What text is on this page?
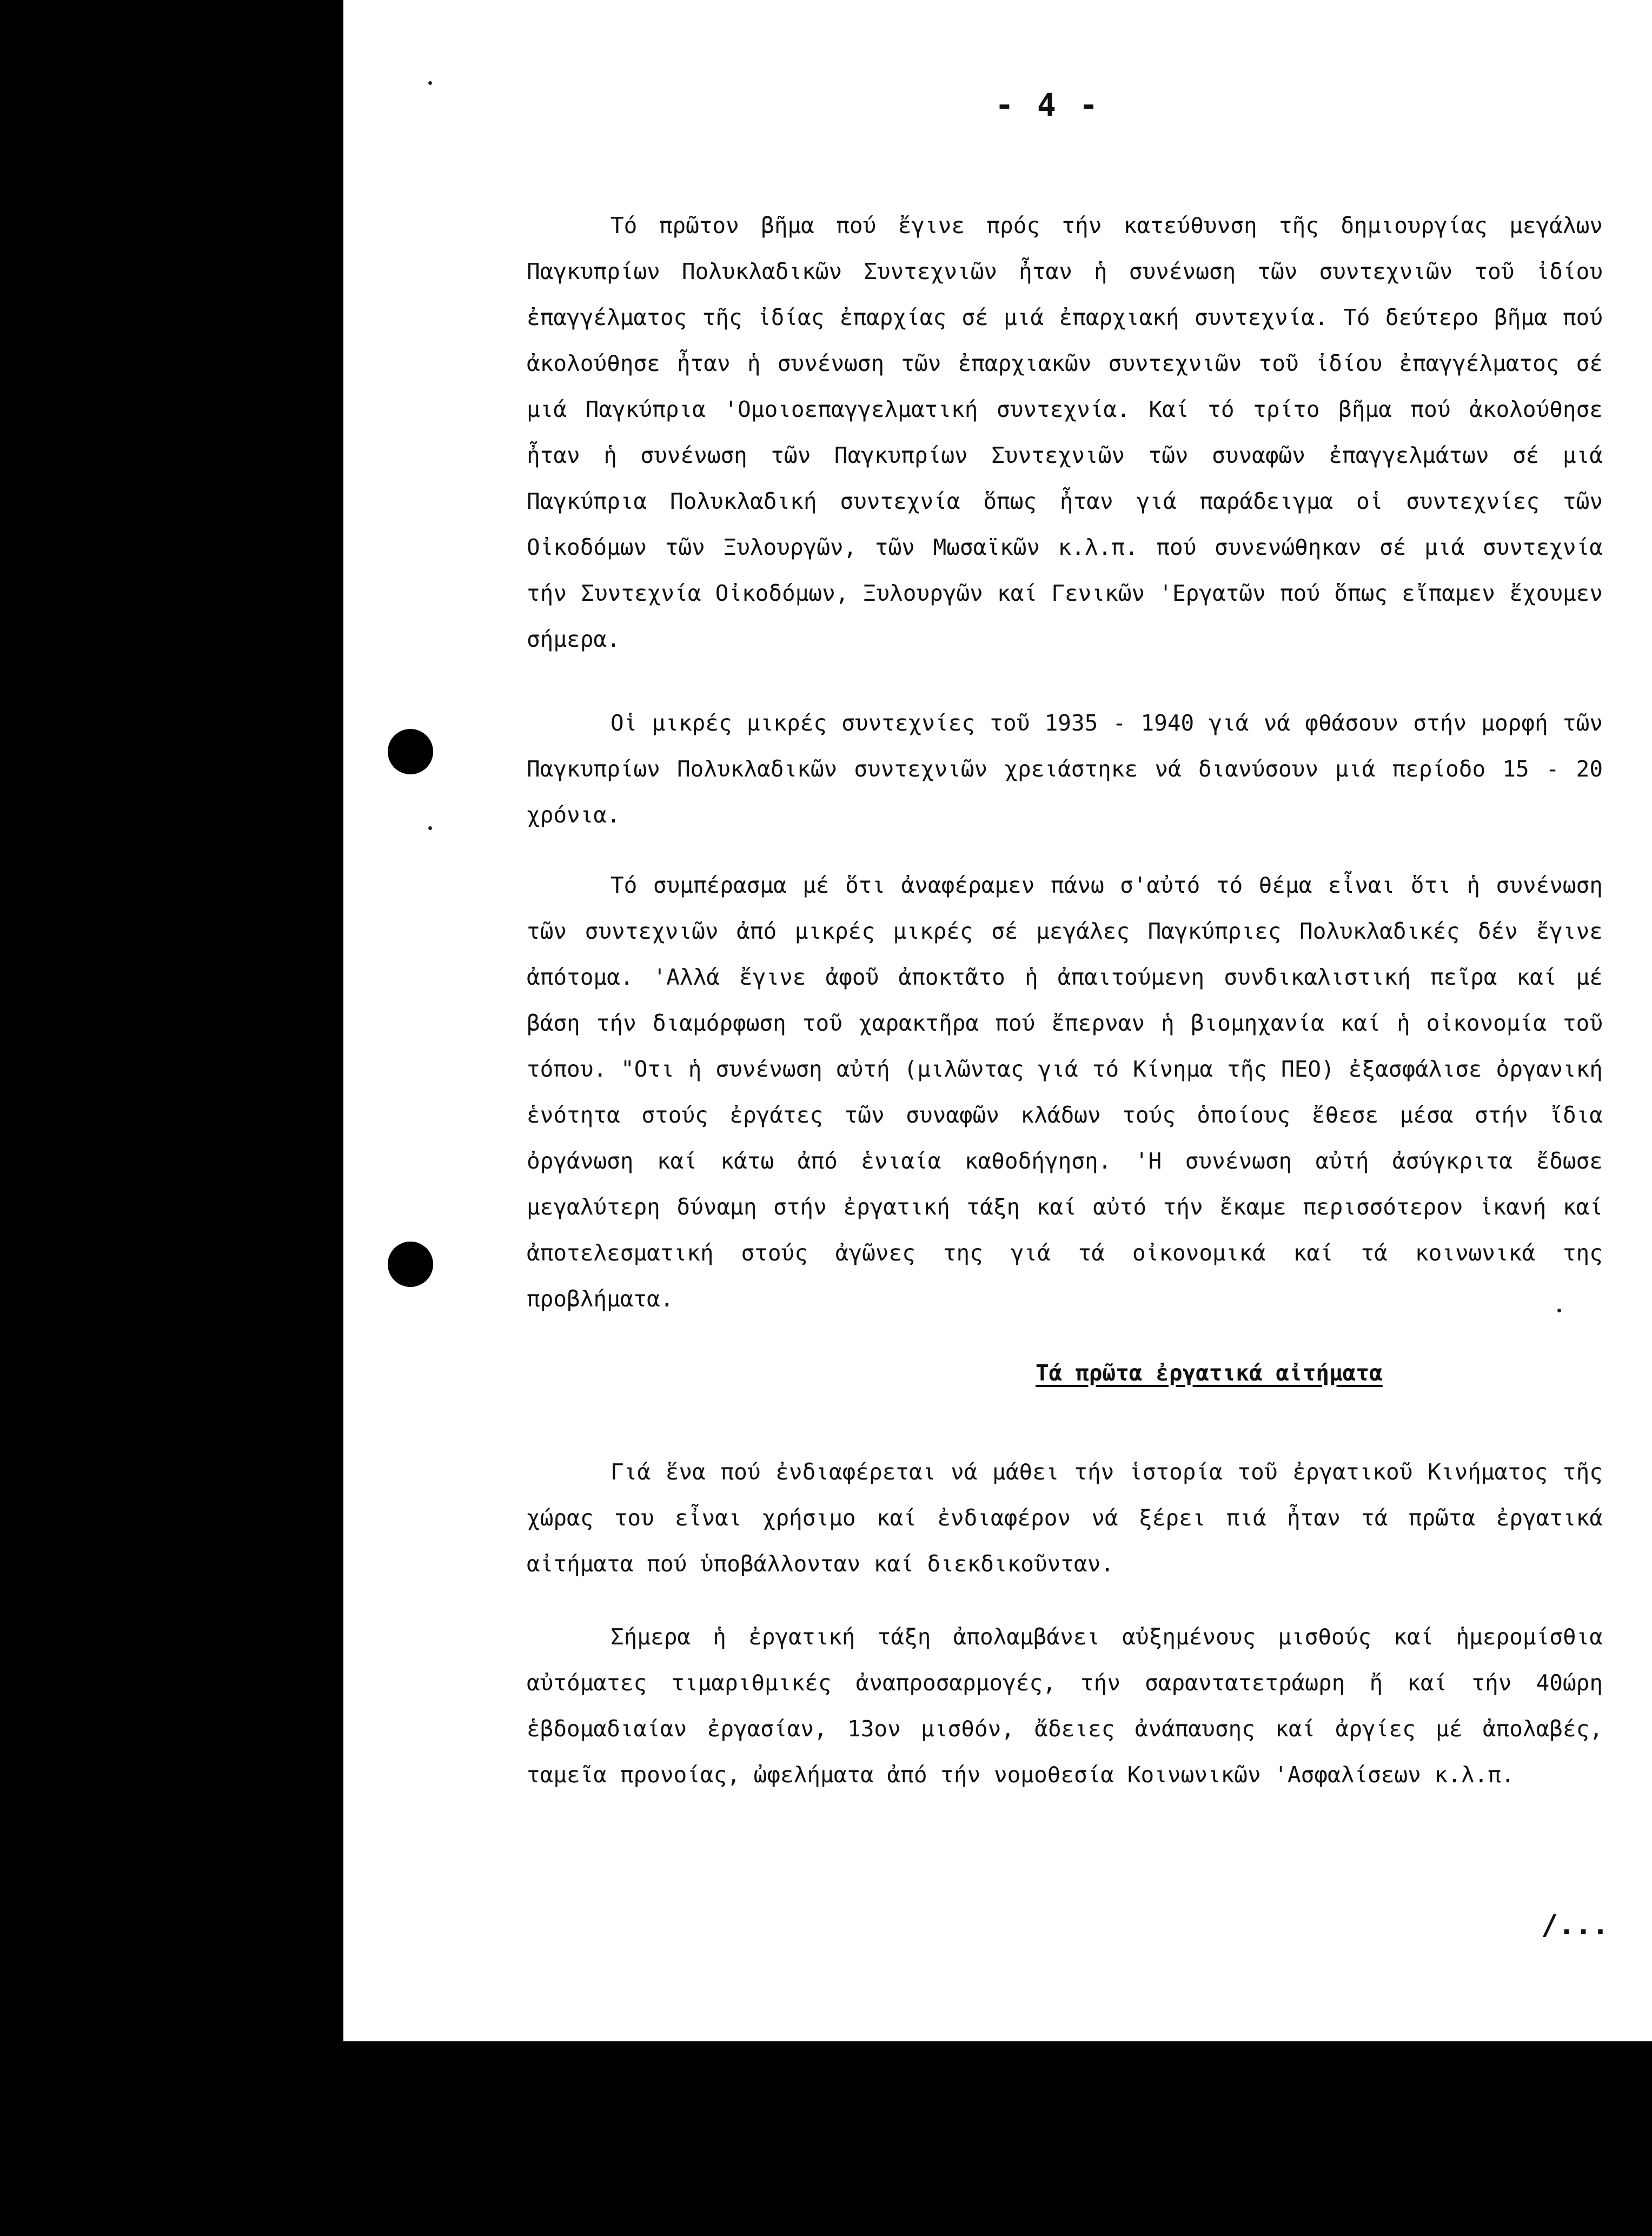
- 4 -

Τό πρῶτον βῆμα πού ἔγινε πρός τήν κατεύθυνση τῆς δημιουργίας μεγάλων Παγκυπρίων Πολυκλαδικῶν Συντεχνιῶν ἦταν ἡ συνένωση τῶν συντεχνιῶν τοῦ ἰδίου ἐπαγγέλματος τῆς ἰδίας ἐπαρχίας σέ μιά ἐπαρχιακή συντεχνία. Τό δεύτερο βῆμα πού ἀκολούθησε ἦταν ἡ συνένωση τῶν ἐπαρχιακῶν συντεχνιῶν τοῦ ἰδίου ἐπαγγέλματος σέ μιά Παγκύπρια 'Ομοιοεπαγγελματική συντεχνία. Καί τό τρίτο βῆμα πού ἀκολούθησε ἦταν ἡ συνένωση τῶν Παγκυπρίων Συντεχνιῶν τῶν συναφῶν ἐπαγγελμάτων σέ μιά Παγκύπρια Πολυκλαδική συντεχνία ὅπως ἦταν γιά παράδειγμα οἱ συντεχνίες τῶν Οἰκοδόμων τῶν Ξυλουργῶν, τῶν Μωσαϊκῶν κ.λ.π. πού συνενώθηκαν σέ μιά συντεχνία τήν Συντεχνία Οἰκοδόμων, Ξυλουργῶν καί Γενικῶν 'Εργατῶν πού ὅπως εἴπαμεν ἔχουμεν σήμερα.

Οἱ μικρές μικρές συντεχνίες τοῦ 1935 - 1940 γιά νά φθάσουν στήν μορφή τῶν Παγκυπρίων Πολυκλαδικῶν συντεχνιῶν χρειάστηκε νά διανύσουν μιά περίοδο 15 - 20 χρόνια.

Τό συμπέρασμα μέ ὅτι ἀναφέραμεν πάνω σ'αὐτό τό θέμα εἶναι ὅτι ἡ συνένωση τῶν συντεχνιῶν ἀπό μικρές μικρές σέ μεγάλες Παγκύπριες Πολυκλαδικές δέν ἔγινε ἀπότομα. 'Αλλά ἔγινε ἀφοῦ ἀποκτᾶτο ἡ ἀπαιτούμενη συνδικαλιστική πεῖρα καί μέ βάση τήν διαμόρφωση τοῦ χαρακτῆρα πού ἔπερναν ἡ βιομηχανία καί ἡ οἰκονομία τοῦ τόπου. "Οτι ἡ συνένωση αὐτή (μιλῶντας γιά τό Κίνημα τῆς ΠΕΟ) ἐξασφάλισε ὀργανική ἑνότητα στούς ἐργάτες τῶν συναφῶν κλάδων τούς ὁποίους ἔθεσε μέσα στήν ἴδια ὀργάνωση καί κάτω ἀπό ἑνιαία καθοδήγηση. 'Η συνένωση αὐτή ἀσύγκριτα ἔδωσε μεγαλύτερη δύναμη στήν ἐργατική τάξη καί αὐτό τήν ἔκαμε περισσότερον ἱκανή καί ἀποτελεσματική στούς ἀγῶνες της γιά τά οἰκονομικά καί τά κοινωνικά της προβλήματα.

Τά πρῶτα ἐργατικά αἰτήματα

Γιά ἕνα πού ἐνδιαφέρεται νά μάθει τήν ἱστορία τοῦ ἐργατικοῦ Κινήματος τῆς χώρας του εἶναι χρήσιμο καί ἐνδιαφέρον νά ξέρει πιά ἦταν τά πρῶτα ἐργατικά αἰτήματα πού ὑποβάλλονταν καί διεκδικοῦνταν.

Σήμερα ἡ ἐργατική τάξη ἀπολαμβάνει αὐξημένους μισθούς καί ἡμερομίσθια αὐτόματες τιμαριθμικές ἀναπροσαρμογές, τήν σαραντατετράωρη ἤ καί τήν 40ώρη ἑβδομαδιαίαν ἐργασίαν, 13ον μισθόν, ἄδειες ἀνάπαυσης καί ἀργίες μέ ἀπολαβές, ταμεῖα προνοίας, ὠφελήματα ἀπό τήν νομοθεσία Κοινωνικῶν 'Ασφαλίσεων κ.λ.π.

/...
